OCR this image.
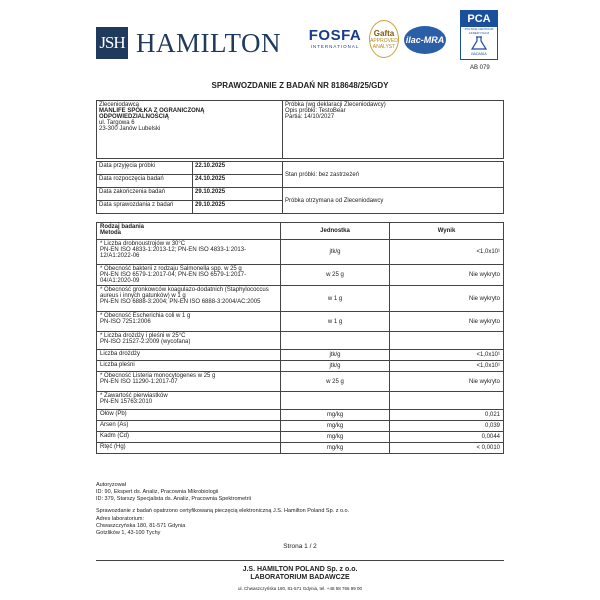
JSH HAMILTON FOSFA
INTERNATIONAL
Gafta
APPROVED
ANALYST
ilac-MRA
PCA
POLSKIE CENTRUM AKREDYTACJI
BADANIA
AB 079
SPRAWOZDANIE Z BADAŃ NR 818648/25/GDY
Zleceniodawca
MANLIFE SPÓŁKA Z OGRANICZONĄ
ODPOWIEDZIALNOŚCIĄ
ul. Targowa 6
23-300 Janów Lubelski

Próbka (wg deklaracji Zleceniodawcy)
Opis próbki: TestoBear
Partia: 14/10/2027
Data przyjęcia próbki	22.10.2025	Stan próbki: bez zastrzeżeń
Data rozpoczęcia badań	24.10.2025	
Data zakończenia badań	29.10.2025	Próbka otrzymana od Zleceniodawcy
Data sprawozdania z badań	29.10.2025	
Rodzaj badania
Metoda	Jednostka	Wynik

* Liczba drobnoustrojów w 30°C
PN-EN ISO 4833-1:2013-12; PN-EN ISO 4833-1:2013-12/A1:2022-06	jtk/g	<1,0x10¹

* Obecność bakterii z rodzaju Salmonella spp. w 25 g
PN-EN ISO 6579-1:2017-04; PN-EN ISO 6579-1:2017-04/A1:2020-09	w 25 g	Nie wykryto

* Obecność gronkowców koagulazo-dodatnich (Staphylococcus aureus i innych gatunków) w 1 g
PN-EN ISO 6888-3:2004; PN-EN ISO 6888-3:2004/AC:2005	w 1 g	Nie wykryto

* Obecność Escherichia coli w 1 g
PN-ISO 7251:2006	w 1 g	Nie wykryto

* Liczba drożdży i pleśni w 25°C
PN-ISO 21527-2:2009 (wycofana)		

Liczba drożdży	jtk/g	<1,0x10¹
Liczba pleśni	jtk/g	<1,0x10¹

* Obecność Listeria monocytogenes w 25 g
PN-EN ISO 11290-1:2017-07	w 25 g	Nie wykryto

* Zawartość pierwiastków
PN-EN 15763:2010		

Ołów (Pb)	mg/kg	0,021
Arsen (As)	mg/kg	0,039
Kadm (Cd)	mg/kg	0,0044
Rtęć (Hg)	mg/kg	< 0,0010
Autoryzował
ID: 90, Ekspert ds. Analiz, Pracownia Mikrobiologii
ID: 379, Starszy Specjalista ds. Analiz, Pracownia Spektrometrii
Sprawozdanie z badań opatrzono certyfikowaną pieczęcią elektroniczną J.S. Hamilton Poland Sp. z o.o.
Adres laboratorium:
Chwaszczyńska 180, 81-571 Gdynia
Gotzlików 1, 43-100 Tychy
Strona 1 / 2
J.S. HAMILTON POLAND Sp. z o.o.
LABORATORIUM BADAWCZE
ul. Chwaszczyńska 180, 81-571 Gdynia, tel. +48 58 766 99 00
